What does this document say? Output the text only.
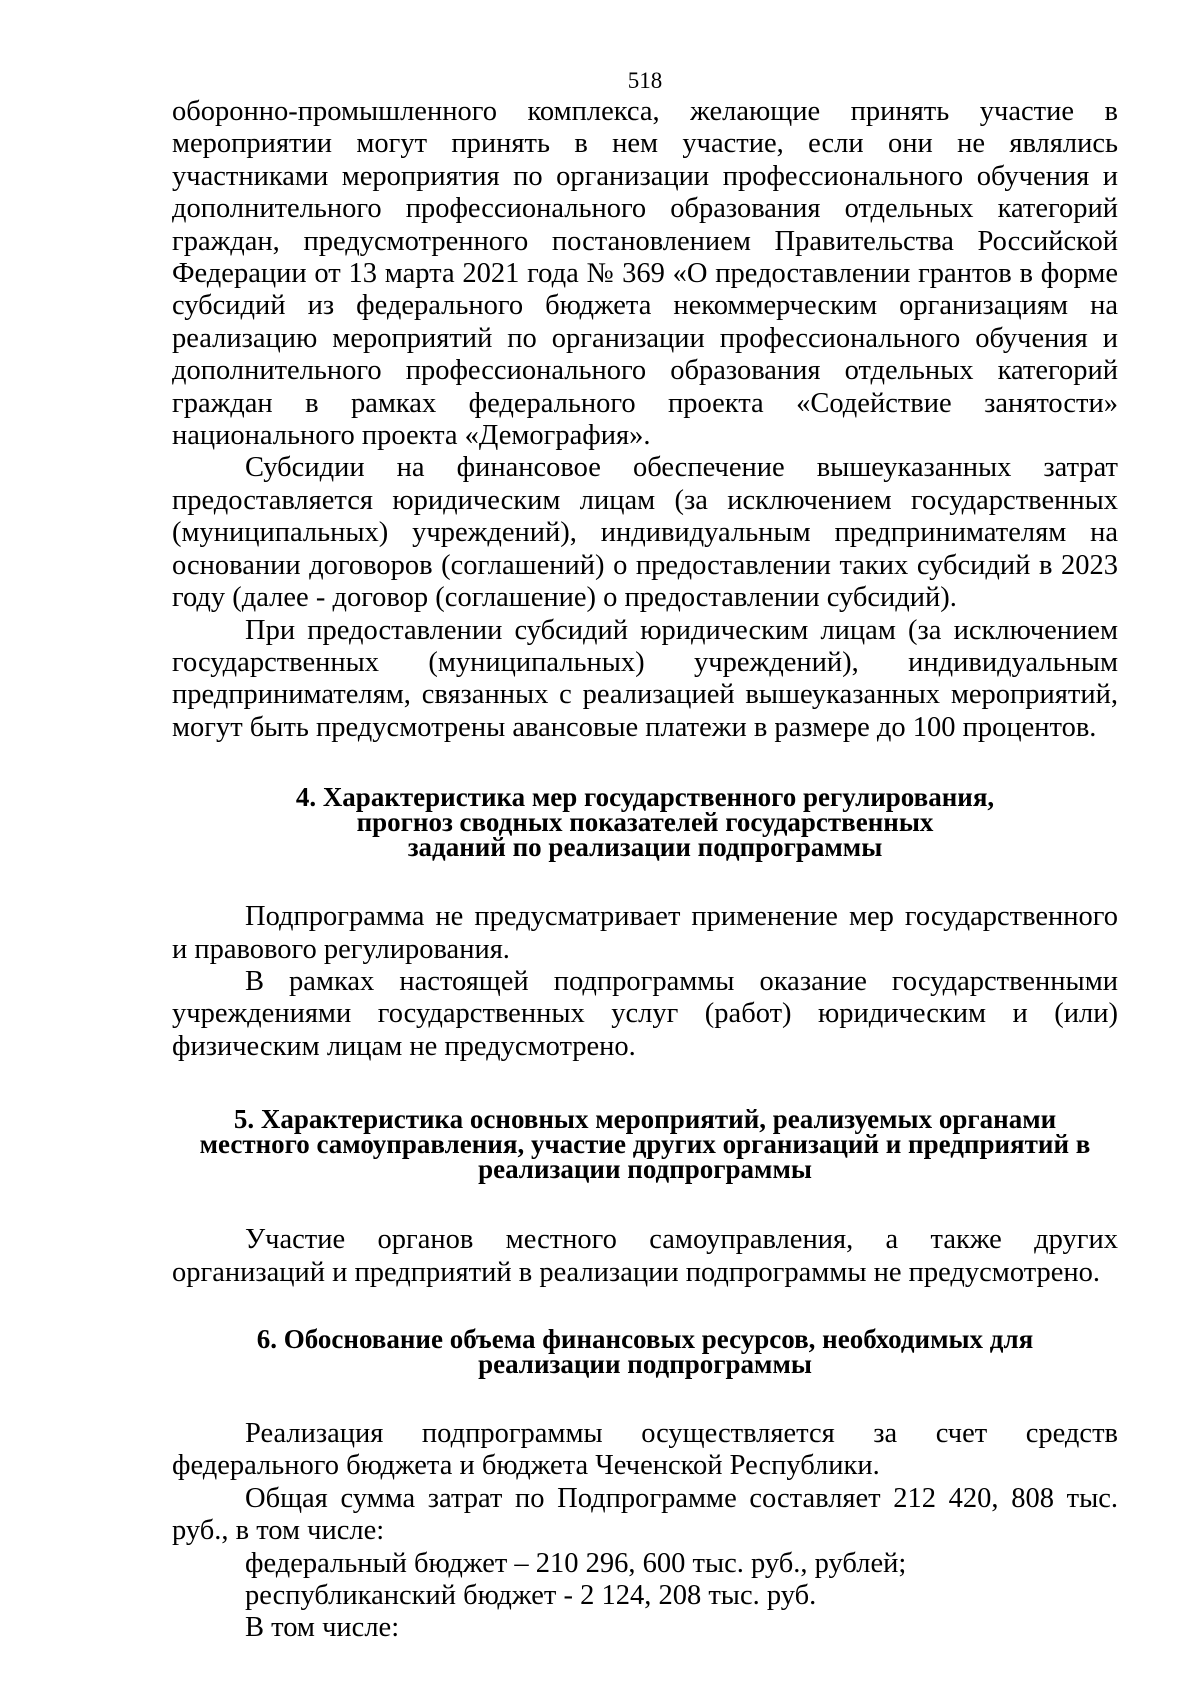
518

оборонно-промышленного комплекса, желающие принять участие в мероприятии могут принять в нем участие, если они не являлись участниками мероприятия по организации профессионального обучения и дополнительного профессионального образования отдельных категорий граждан, предусмотренного постановлением Правительства Российской Федерации от 13 марта 2021 года № 369 «О предоставлении грантов в форме субсидий из федерального бюджета некоммерческим организациям на реализацию мероприятий по организации профессионального обучения и дополнительного профессионального образования отдельных категорий граждан в рамках федерального проекта «Содействие занятости» национального проекта «Демография».

Субсидии на финансовое обеспечение вышеуказанных затрат предоставляется юридическим лицам (за исключением государственных (муниципальных) учреждений), индивидуальным предпринимателям на основании договоров (соглашений) о предоставлении таких субсидий в 2023 году (далее - договор (соглашение) о предоставлении субсидий).

При предоставлении субсидий юридическим лицам (за исключением государственных (муниципальных) учреждений), индивидуальным предпринимателям, связанных с реализацией вышеуказанных мероприятий, могут быть предусмотрены авансовые платежи в размере до 100 процентов.

4. Характеристика мер государственного регулирования,
прогноз сводных показателей государственных
заданий по реализации подпрограммы

Подпрограмма не предусматривает применение мер государственного и правового регулирования.

В рамках настоящей подпрограммы оказание государственными учреждениями государственных услуг (работ) юридическим и (или) физическим лицам не предусмотрено.

5. Характеристика основных мероприятий, реализуемых органами
местного самоуправления, участие других организаций и предприятий в
реализации подпрограммы

Участие органов местного самоуправления, а также других организаций и предприятий в реализации подпрограммы не предусмотрено.

6. Обоснование объема финансовых ресурсов, необходимых для
реализации подпрограммы

Реализация подпрограммы осуществляется за счет средств федерального бюджета и бюджета Чеченской Республики.

Общая сумма затрат по Подпрограмме составляет 212 420, 808 тыс. руб., в том числе:

федеральный бюджет – 210 296, 600 тыс. руб., рублей;

республиканский бюджет - 2 124, 208 тыс. руб.

В том числе:
